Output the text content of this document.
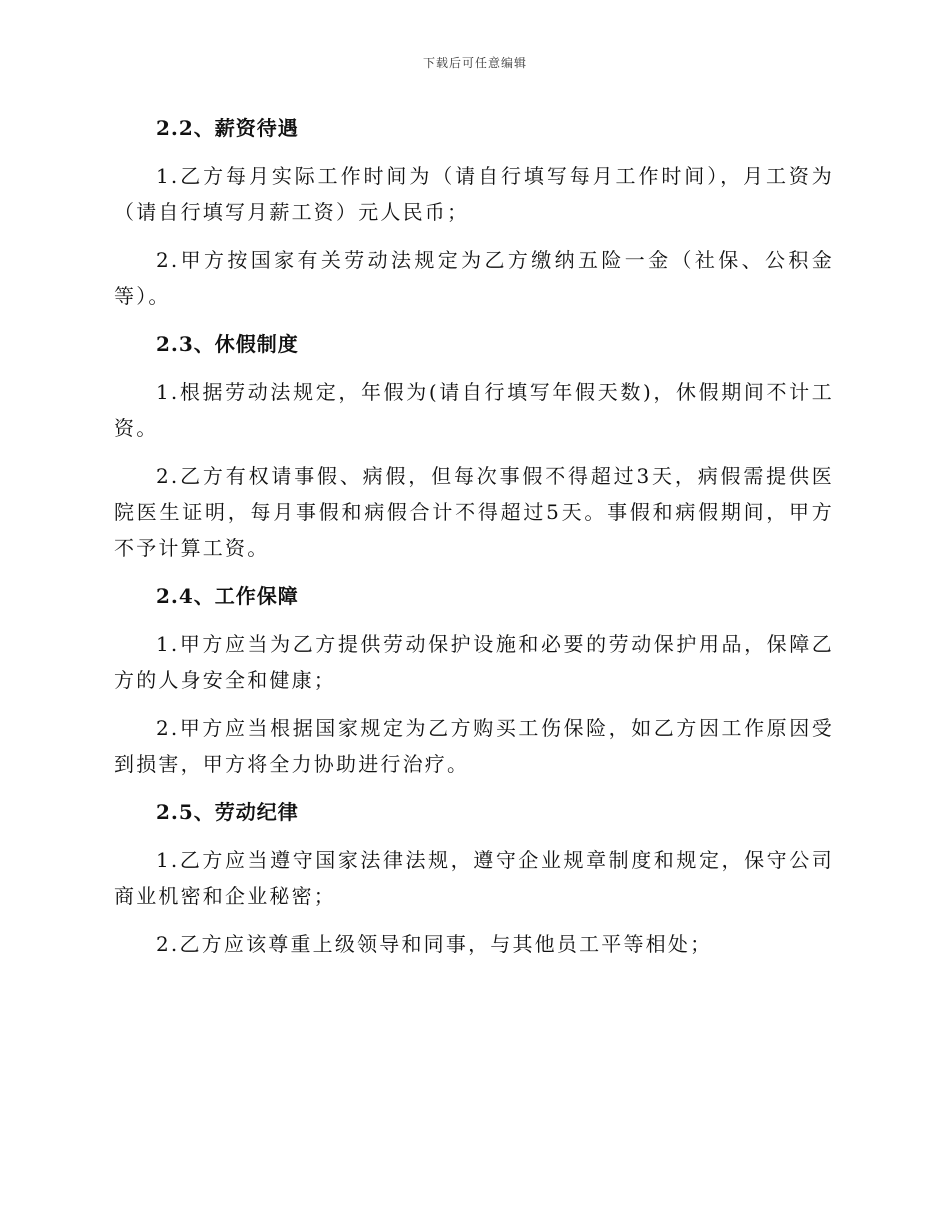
下载后可任意编辑
2.2、薪资待遇

1.乙方每月实际工作时间为（请自行填写每月工作时间），月工资为（请自行填写月薪工资）元人民币；

2.甲方按国家有关劳动法规定为乙方缴纳五险一金（社保、公积金等）。

2.3、休假制度

1.根据劳动法规定，年假为(请自行填写年假天数)，休假期间不计工资。

2.乙方有权请事假、病假，但每次事假不得超过3天，病假需提供医院医生证明，每月事假和病假合计不得超过5天。事假和病假期间，甲方不予计算工资。

2.4、工作保障

1.甲方应当为乙方提供劳动保护设施和必要的劳动保护用品，保障乙方的人身安全和健康；

2.甲方应当根据国家规定为乙方购买工伤保险，如乙方因工作原因受到损害，甲方将全力协助进行治疗。

2.5、劳动纪律

1.乙方应当遵守国家法律法规，遵守企业规章制度和规定，保守公司商业机密和企业秘密；

2.乙方应该尊重上级领导和同事，与其他员工平等相处；
